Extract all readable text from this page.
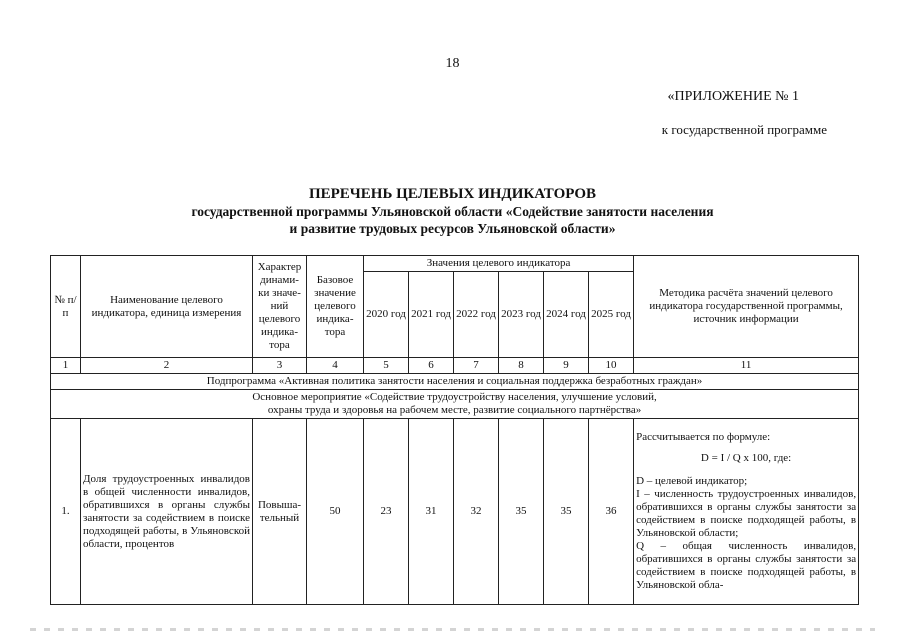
18
«ПРИЛОЖЕНИЕ № 1
к государственной программе
ПЕРЕЧЕНЬ ЦЕЛЕВЫХ ИНДИКАТОРОВ
государственной программы Ульяновской области «Содействие занятости населения
и развитие трудовых ресурсов Ульяновской области»
№ п/п	Наименование целевого индикатора, единица измерения	Характер динами-ки значе-ний целевого индика-тора	Базовое значение целевого индика-тора	Значения целевого индикатора						Методика расчёта значений целевого индикатора государственной программы, источник информации
				2020 год	2021 год	2022 год	2023 год	2024 год	2025 год	
1	2	3	4	5	6	7	8	9	10	11
Подпрограмма «Активная политика занятости населения и социальная поддержка безработных граждан»										

Основное мероприятие «Содействие трудоустройству населения, улучшение условий,
охраны труда и здоровья на рабочем месте, развитие социального партнёрства»										

1.	Доля трудоустроенных инвалидов в общей численности инвалидов, обратившихся в органы службы занятости за содействием в поиске подходящей работы, в Ульяновской области, процентов	Повыша-тельный	50	23	31	32	35	35	36	Рассчитывается по формуле:
D = I / Q x 100, где:
D – целевой индикатор;
I – численность трудоустроенных инвалидов, обратившихся в органы службы занятости за содействием в поиске подходящей работы, в Ульяновской области;
Q – общая численность инвалидов, обратившихся в органы службы занятости за содействием в поиске подходящей работы, в Ульяновской обла-
